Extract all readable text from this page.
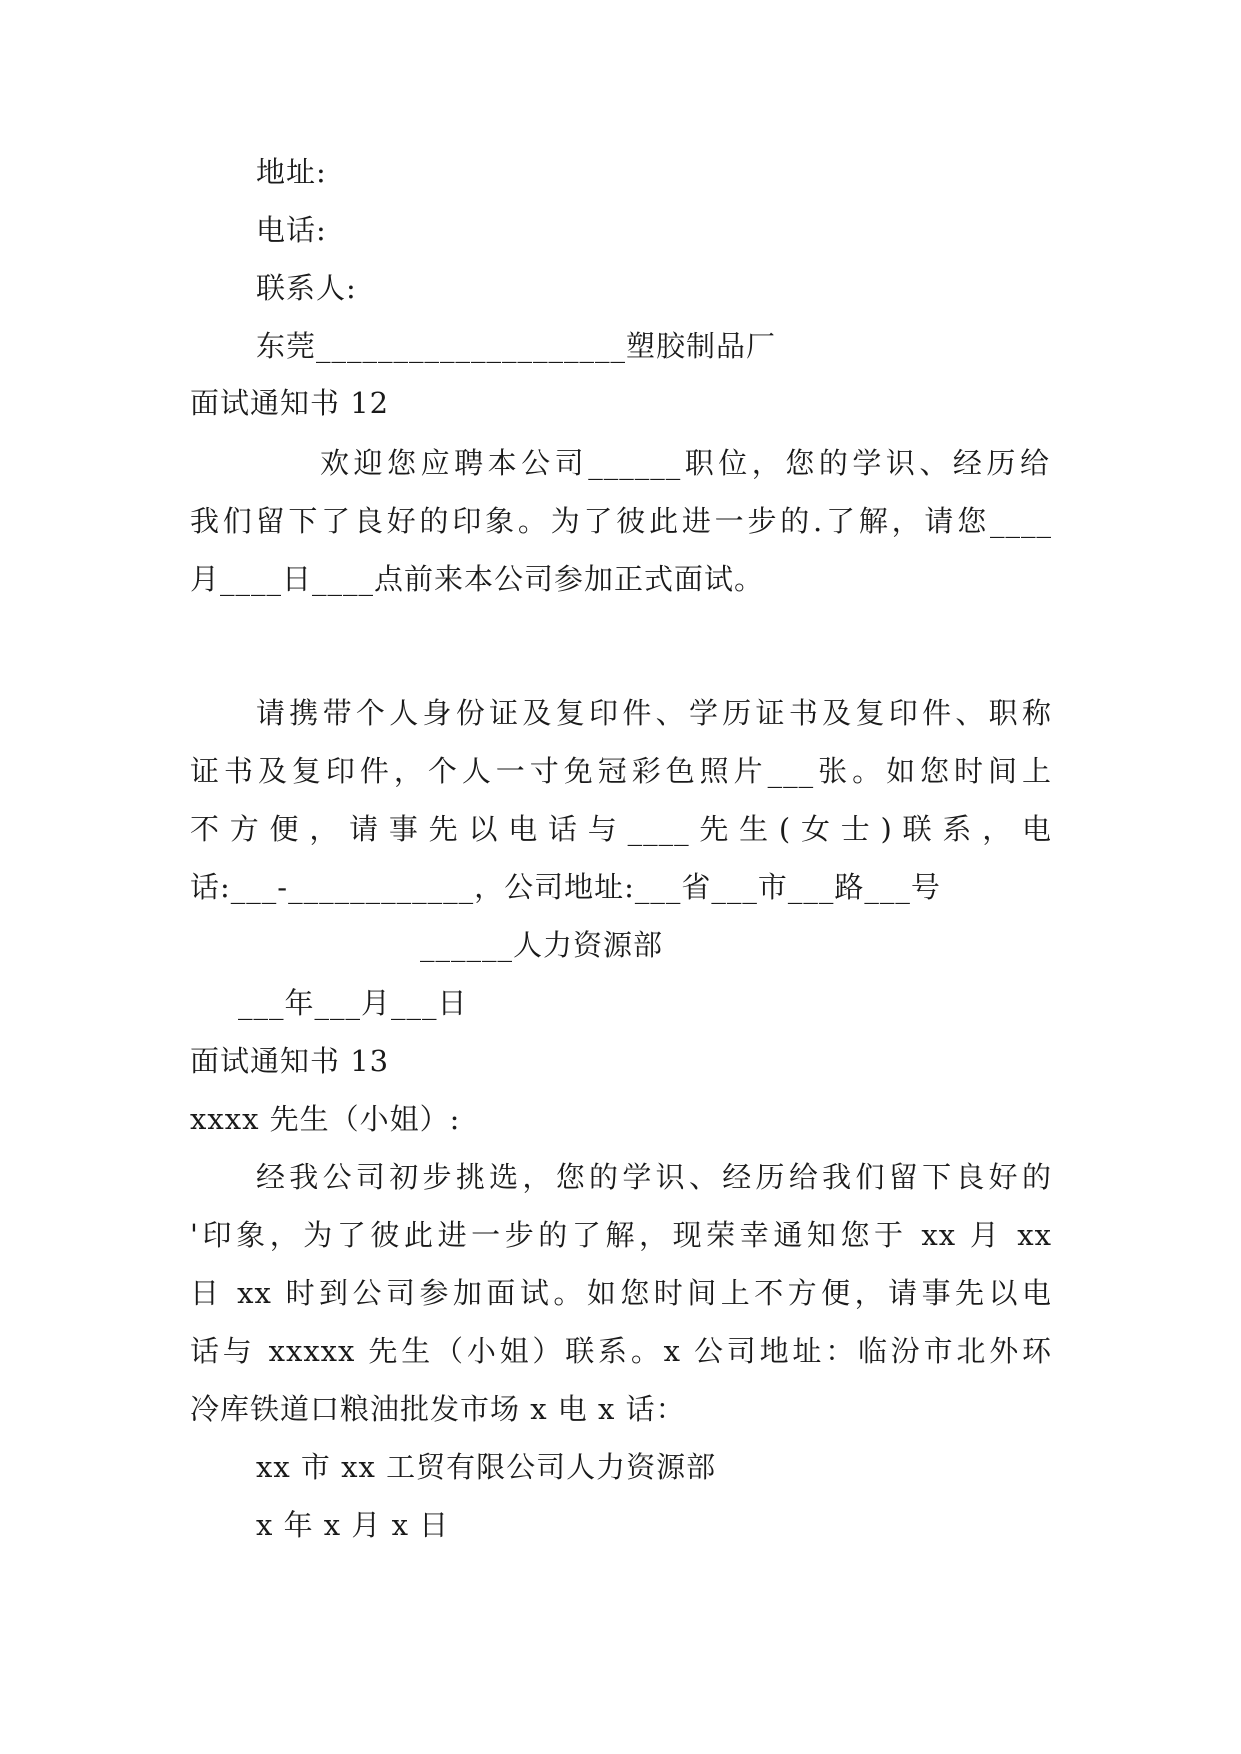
地址:
电话:
联系人:
东莞____________________塑胶制品厂
面试通知书 12
欢迎您应聘本公司______职位，您的学识、经历给
我们留下了良好的印象。为了彼此进一步的.了解，请您____
月____日____点前来本公司参加正式面试。
请携带个人身份证及复印件、学历证书及复印件、职称
证书及复印件，个人一寸免冠彩色照片___张。如您时间上
不方便，请事先以电话与____先生(女士)联系，电
话:___-____________，公司地址:___省___市___路___号
______人力资源部
___年___月___日
面试通知书 13
xxxx 先生（小姐）:
经我公司初步挑选，您的学识、经历给我们留下良好的
'印象，为了彼此进一步的了解，现荣幸通知您于 xx 月 xx
日 xx 时到公司参加面试。如您时间上不方便，请事先以电
话与 xxxxx 先生（小姐）联系。x 公司地址：临汾市北外环
冷库铁道口粮油批发市场 x 电 x 话：
xx 市 xx 工贸有限公司人力资源部
x 年 x 月 x 日
